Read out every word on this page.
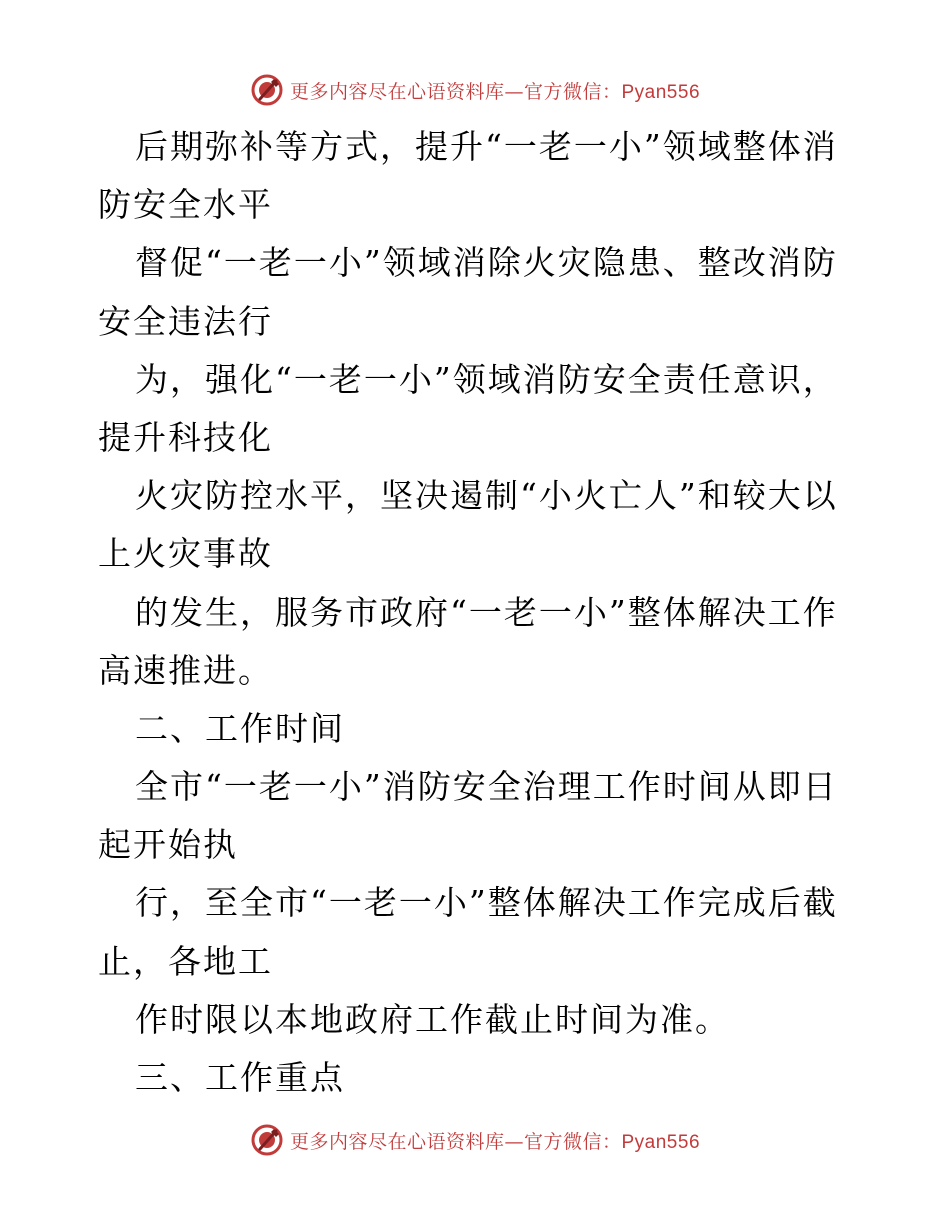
更多内容尽在心语资料库—官方微信：Pyan556
后期弥补等方式，提升“一老一小”领域整体消
防安全水平
督促“一老一小”领域消除火灾隐患、整改消防
安全违法行
为，强化“一老一小”领域消防安全责任意识，
提升科技化
火灾防控水平，坚决遏制“小火亡人”和较大以
上火灾事故
的发生，服务市政府“一老一小”整体解决工作
高速推进。
二、工作时间
全市“一老一小”消防安全治理工作时间从即日
起开始执
行，至全市“一老一小”整体解决工作完成后截
止，各地工
作时限以本地政府工作截止时间为准。
三、工作重点
更多内容尽在心语资料库—官方微信：Pyan556
